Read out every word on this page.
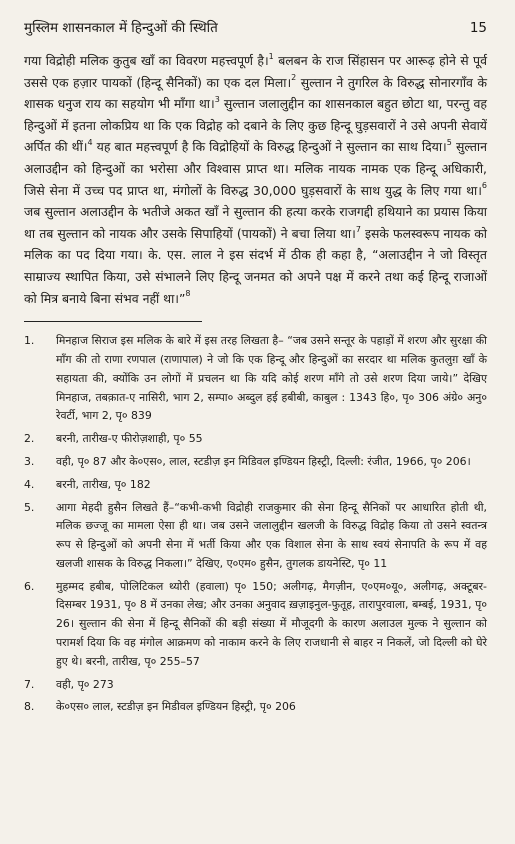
मुस्लिम शासनकाल में हिन्दुओं की स्थिति	15

गया विद्रोही मलिक कुतुब खाँ का विवरण महत्त्वपूर्ण है।$^1$ बलबन के राज सिंहासन पर आरूढ़ होने से पूर्व उससे एक हज़ार पायकों (हिन्दू सैनिकों) का एक दल मिला।$^2$ सुल्तान ने तुगरिल के विरुद्ध सोनारगाँव के शासक धनुज राय का सहयोग भी माँगा था।$^3$ सुल्तान जलालुद्दीन का शासनकाल बहुत छोटा था, परन्तु वह हिन्दुओं में इतना लोकप्रिय था कि एक विद्रोह को दबाने के लिए कुछ हिन्दू घुड़सवारों ने उसे अपनी सेवायें अर्पित की थीं।$^4$ यह बात महत्त्वपूर्ण है कि विद्रोहियों के विरुद्ध हिन्दुओं ने सुल्तान का साथ दिया।$^5$ सुल्तान अलाउद्दीन को हिन्दुओं का भरोसा और विश्वास प्राप्त था। मलिक नायक नामक एक हिन्दू अधिकारी, जिसे सेना में उच्च पद प्राप्त था, मंगोलों के विरुद्ध 30,000 घुड़सवारों के साथ युद्ध के लिए गया था।$^6$ जब सुल्तान अलाउद्दीन के भतीजे अकत खाँ ने सुल्तान की हत्या करके राजगद्दी हथियाने का प्रयास किया था तब सुल्तान को नायक और उसके सिपाहियों (पायकों) ने बचा लिया था।$^7$ इसके फलस्वरूप नायक को मलिक का पद दिया गया। के. एस. लाल ने इस संदर्भ में ठीक ही कहा है, “अलाउद्दीन ने जो विस्तृत साम्राज्य स्थापित किया, उसे संभालने लिए हिन्दू जनमत को अपने पक्ष में करने तथा कई हिन्दू राजाओं को मित्र बनाये बिना संभव नहीं था।”$^8$

1.	मिनहाज सिराज इस मलिक के बारे में इस तरह लिखता है– “जब उसने सन्तूर के पहाड़ों में शरण और सुरक्षा की माँग की तो राणा रणपाल (राणापाल) ने जो कि एक हिन्दू और हिन्दुओं का सरदार था मलिक कुतलुग़ खाँ के सहायता की, क्योंकि उन लोगों में प्रचलन था कि यदि कोई शरण माँगे तो उसे शरण दिया जाये।” देखिए मिनहाज, तबक़ात-ए नासिरी, भाग 2, सम्पा० अब्दुल हई हबीबी, काबुल : 1343 हि०, पृ० 306 अंग्रे० अनु० रेवर्टी, भाग 2, पृ० 839
2.	बरनी, तारीख-ए फीरोज़शाही, पृ० 55
3.	वही, पृ० 87 और के०एस०, लाल, स्टडीज़ इन मिडिवल इण्डियन हिस्ट्री, दिल्ली: रंजीत, 1966, पृ० 206।
4.	बरनी, तारीख, पृ० 182
5.	आगा मेहदी हुसैन लिखते हैं–“कभी-कभी विद्रोही राजकुमार की सेना हिन्दू सैनिकों पर आधारित होती थी, मलिक छज्जू का मामला ऐसा ही था। जब उसने जलालुद्दीन खलजी के विरुद्ध विद्रोह किया तो उसने स्वतन्त्र रूप से हिन्दुओं को अपनी सेना में भर्ती किया और एक विशाल सेना के साथ स्वयं सेनापति के रूप में वह खलजी शासक के विरुद्ध निकला।” देखिए, ए०एम० हुसैन, तुगलक डायनेस्टि, पृ० 11
6.	मुहम्मद हबीब, पोलिटिकल थ्योरी (हवाला) पृ० 150; अलीगढ़, मैगज़ीन, ए०एम०यू०, अलीगढ़, अक्टूबर-दिसम्बर 1931, पृ० 8 में उनका लेख; और उनका अनुवाद ख़ज़ाइनुल-फुतूह, तारापुरवाला, बम्बई, 1931, पृ० 26। सुल्तान की सेना में हिन्दू सैनिकों की बड़ी संख्या में मौजूदगी के कारण अलाउल मुल्क ने सुल्तान को परामर्श दिया कि वह मंगोल आक्रमण को नाकाम करने के लिए राजधानी से बाहर न निकलें, जो दिल्ली को घेरे हुए थे। बरनी, तारीख, पृ० 255–57
7.	वही, पृ० 273
8.	के०एस० लाल, स्टडीज़ इन मिडीवल इण्डियन हिस्ट्री, पृ० 206
